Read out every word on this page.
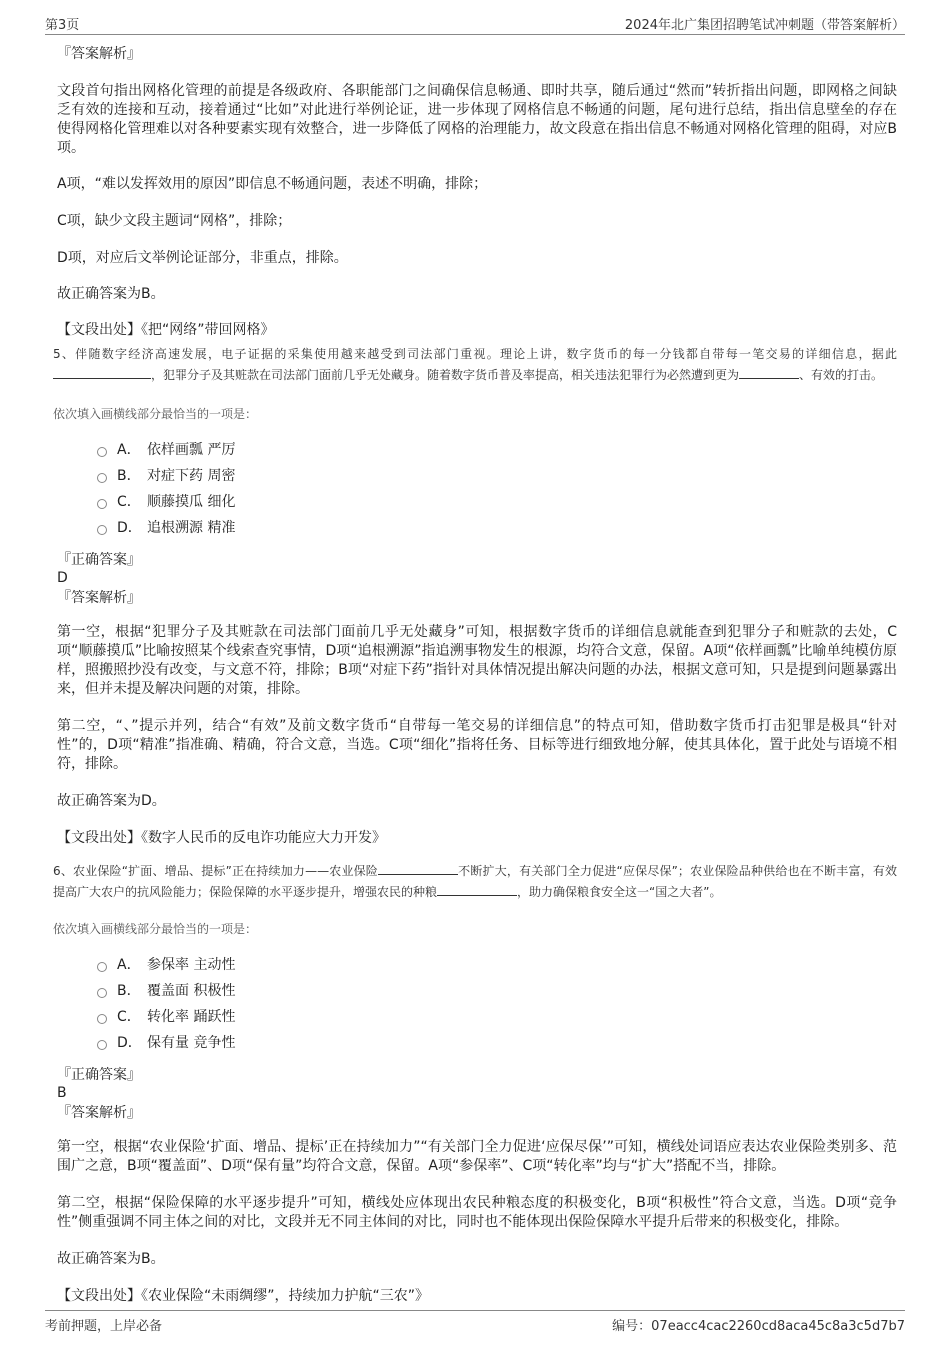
第3页	2024年北广集团招聘笔试冲刺题（带答案解析）

『答案解析』

文段首句指出网格化管理的前提是各级政府、各职能部门之间确保信息畅通、即时共享，随后通过“然而”转折指出问题，即网格之间缺乏有效的连接和互动，接着通过“比如”对此进行举例论证，进一步体现了网格信息不畅通的问题，尾句进行总结，指出信息壁垒的存在使得网格化管理难以对各种要素实现有效整合，进一步降低了网格的治理能力，故文段意在指出信息不畅通对网格化管理的阻碍，对应B项。

A项，“难以发挥效用的原因”即信息不畅通问题，表述不明确，排除；

C项，缺少文段主题词“网格”，排除；

D项，对应后文举例论证部分，非重点，排除。

故正确答案为B。

【文段出处】《把“网络”带回网格》

5、伴随数字经济高速发展，电子证据的采集使用越来越受到司法部门重视。理论上讲，数字货币的每一分钱都自带每一笔交易的详细信息，据此，犯罪分子及其赃款在司法部门面前几乎无处藏身。随着数字货币普及率提高，相关违法犯罪行为必然遭到更为	、有效的打击。

依次填入画横线部分最恰当的一项是：

A． 依样画瓢 严厉
B． 对症下药 周密
C． 顺藤摸瓜 细化
D． 追根溯源 精准

『正确答案』

D

『答案解析』

第一空，根据“犯罪分子及其赃款在司法部门面前几乎无处藏身”可知，根据数字货币的详细信息就能查到犯罪分子和赃款的去处，C项“顺藤摸瓜”比喻按照某个线索查究事情，D项“追根溯源”指追溯事物发生的根源，均符合文意，保留。A项“依样画瓢”比喻单纯模仿原样，照搬照抄没有改变，与文意不符，排除；B项“对症下药”指针对具体情况提出解决问题的办法，根据文意可知，只是提到问题暴露出来，但并未提及解决问题的对策，排除。

第二空，“、”提示并列，结合“有效”及前文数字货币“自带每一笔交易的详细信息”的特点可知，借助数字货币打击犯罪是极具“针对性”的，D项“精准”指准确、精确，符合文意，当选。C项“细化”指将任务、目标等进行细致地分解，使其具体化，置于此处与语境不相符，排除。

故正确答案为D。

【文段出处】《数字人民币的反电诈功能应大力开发》

6、农业保险“扩面、增品、提标”正在持续加力——农业保险	不断扩大，有关部门全力促进“应保尽保”；农业保险品种供给也在不断丰富，有效提高广大农户的抗风险能力；保险保障的水平逐步提升，增强农民的种粮	，助力确保粮食安全这一“国之大者”。

依次填入画横线部分最恰当的一项是：

A． 参保率 主动性
B． 覆盖面 积极性
C． 转化率 踊跃性
D． 保有量 竞争性

『正确答案』

B

『答案解析』

第一空，根据“农业保险‘扩面、增品、提标’正在持续加力”“有关部门全力促进‘应保尽保’”可知，横线处词语应表达农业保险类别多、范围广之意，B项“覆盖面”、D项“保有量”均符合文意，保留。A项“参保率”、C项“转化率”均与“扩大”搭配不当，排除。

第二空，根据“保险保障的水平逐步提升”可知，横线处应体现出农民种粮态度的积极变化，B项“积极性”符合文意，当选。D项“竞争性”侧重强调不同主体之间的对比，文段并无不同主体间的对比，同时也不能体现出保险保障水平提升后带来的积极变化，排除。

故正确答案为B。

【文段出处】《农业保险“未雨绸缪”，持续加力护航“三农”》

考前押题，上岸必备	编号：07eacc4cac2260cd8aca45c8a3c5d7b7
